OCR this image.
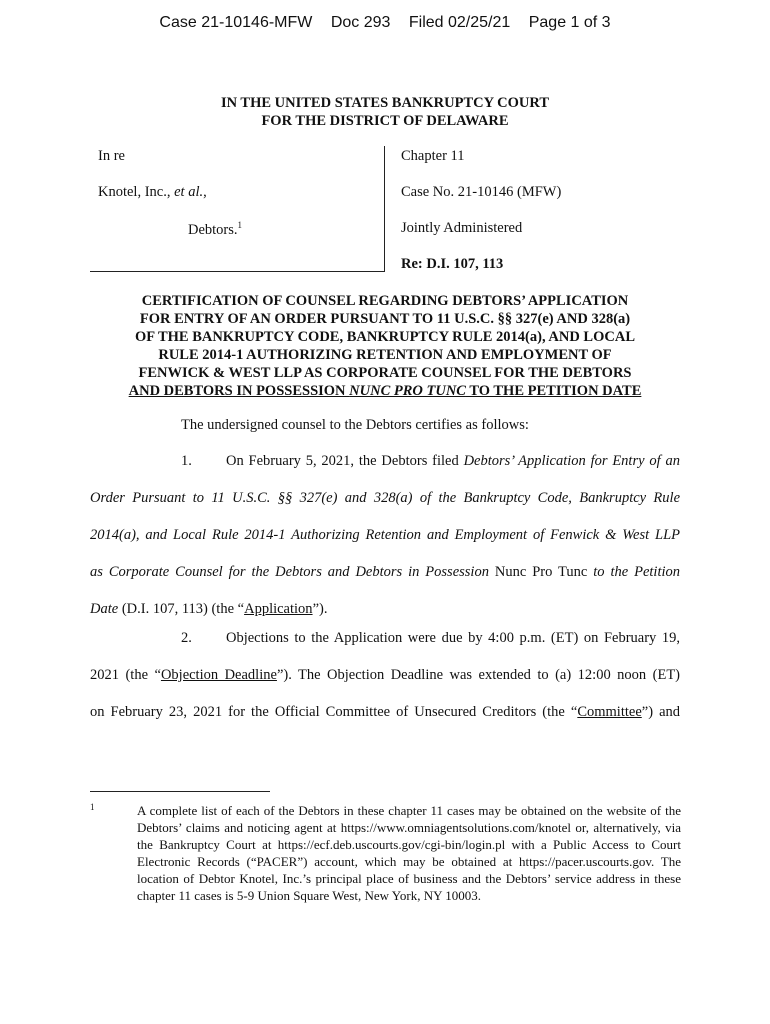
Case 21-10146-MFW Doc 293 Filed 02/25/21 Page 1 of 3
IN THE UNITED STATES BANKRUPTCY COURT
FOR THE DISTRICT OF DELAWARE
In re
Knotel, Inc., et al.,
Debtors.$^1$
Chapter 11
Case No. 21-10146 (MFW)
Jointly Administered
Re: D.I. 107, 113
CERTIFICATION OF COUNSEL REGARDING DEBTORS’ APPLICATION
FOR ENTRY OF AN ORDER PURSUANT TO 11 U.S.C. §§ 327(e) AND 328(a)
OF THE BANKRUPTCY CODE, BANKRUPTCY RULE 2014(a), AND LOCAL
RULE 2014-1 AUTHORIZING RETENTION AND EMPLOYMENT OF
FENWICK & WEST LLP AS CORPORATE COUNSEL FOR THE DEBTORS
AND DEBTORS IN POSSESSION NUNC PRO TUNC TO THE PETITION DATE
The undersigned counsel to the Debtors certifies as follows:
1. On February 5, 2021, the Debtors filed Debtors’ Application for Entry of an
Order Pursuant to 11 U.S.C. §§ 327(e) and 328(a) of the Bankruptcy Code, Bankruptcy Rule
2014(a), and Local Rule 2014-1 Authorizing Retention and Employment of Fenwick & West LLP
as Corporate Counsel for the Debtors and Debtors in Possession Nunc Pro Tunc to the Petition
Date (D.I. 107, 113) (the “Application”).
2. Objections to the Application were due by 4:00 p.m. (ET) on February 19,
2021 (the “Objection Deadline”). The Objection Deadline was extended to (a) 12:00 noon (ET)
on February 23, 2021 for the Official Committee of Unsecured Creditors (the “Committee”) and
1	A complete list of each of the Debtors in these chapter 11 cases may be obtained on the website of the Debtors’ claims and noticing agent at https://www.omniagentsolutions.com/knotel or, alternatively, via the Bankruptcy Court at https://ecf.deb.uscourts.gov/cgi-bin/login.pl with a Public Access to Court Electronic Records (“PACER”) account, which may be obtained at https://pacer.uscourts.gov. The location of Debtor Knotel, Inc.’s principal place of business and the Debtors’ service address in these chapter 11 cases is 5-9 Union Square West, New York, NY 10003.
